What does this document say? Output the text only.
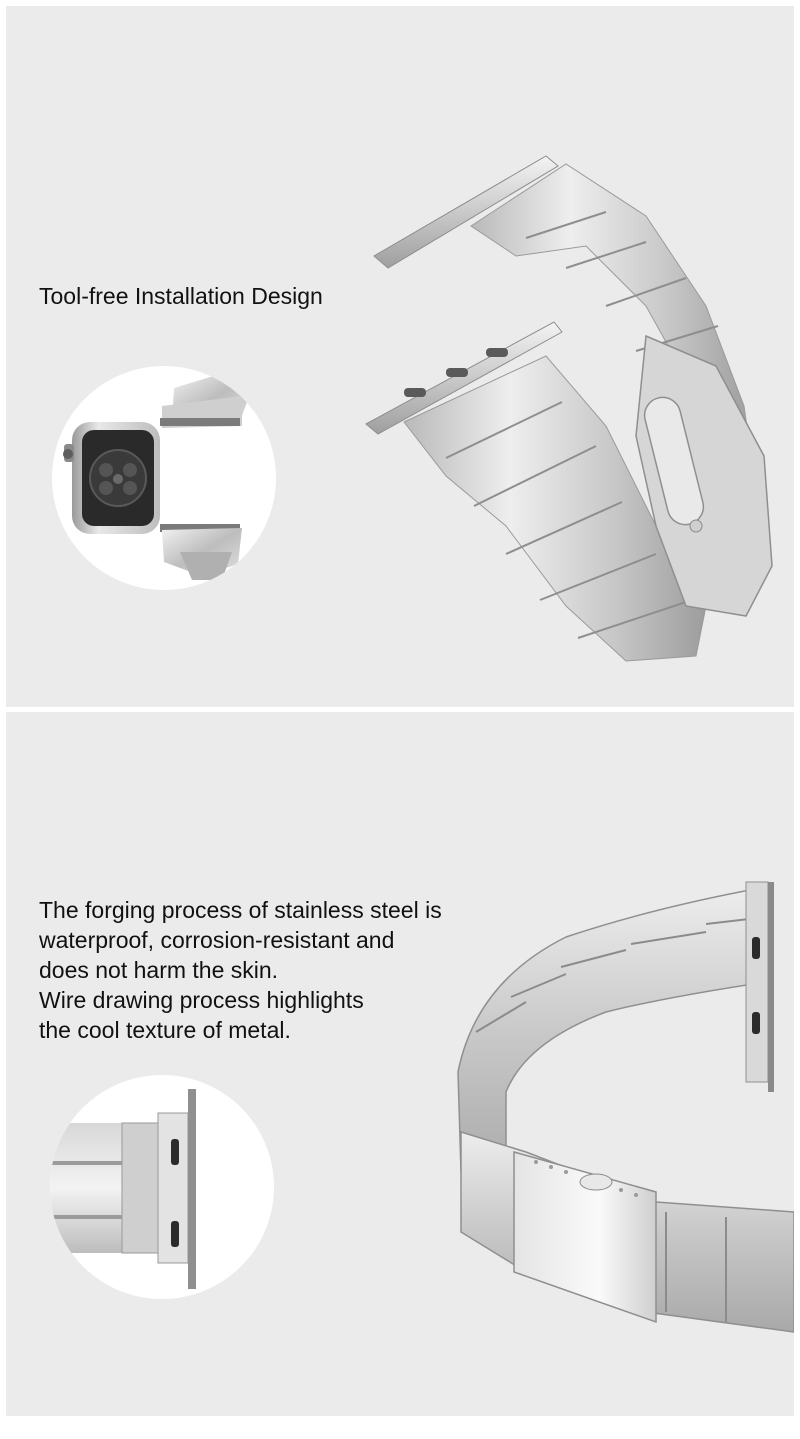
Tool-free Installation Design

The forging process of stainless steel is
waterproof, corrosion-resistant and
does not harm the skin.
Wire drawing process highlights
the cool texture of metal.
